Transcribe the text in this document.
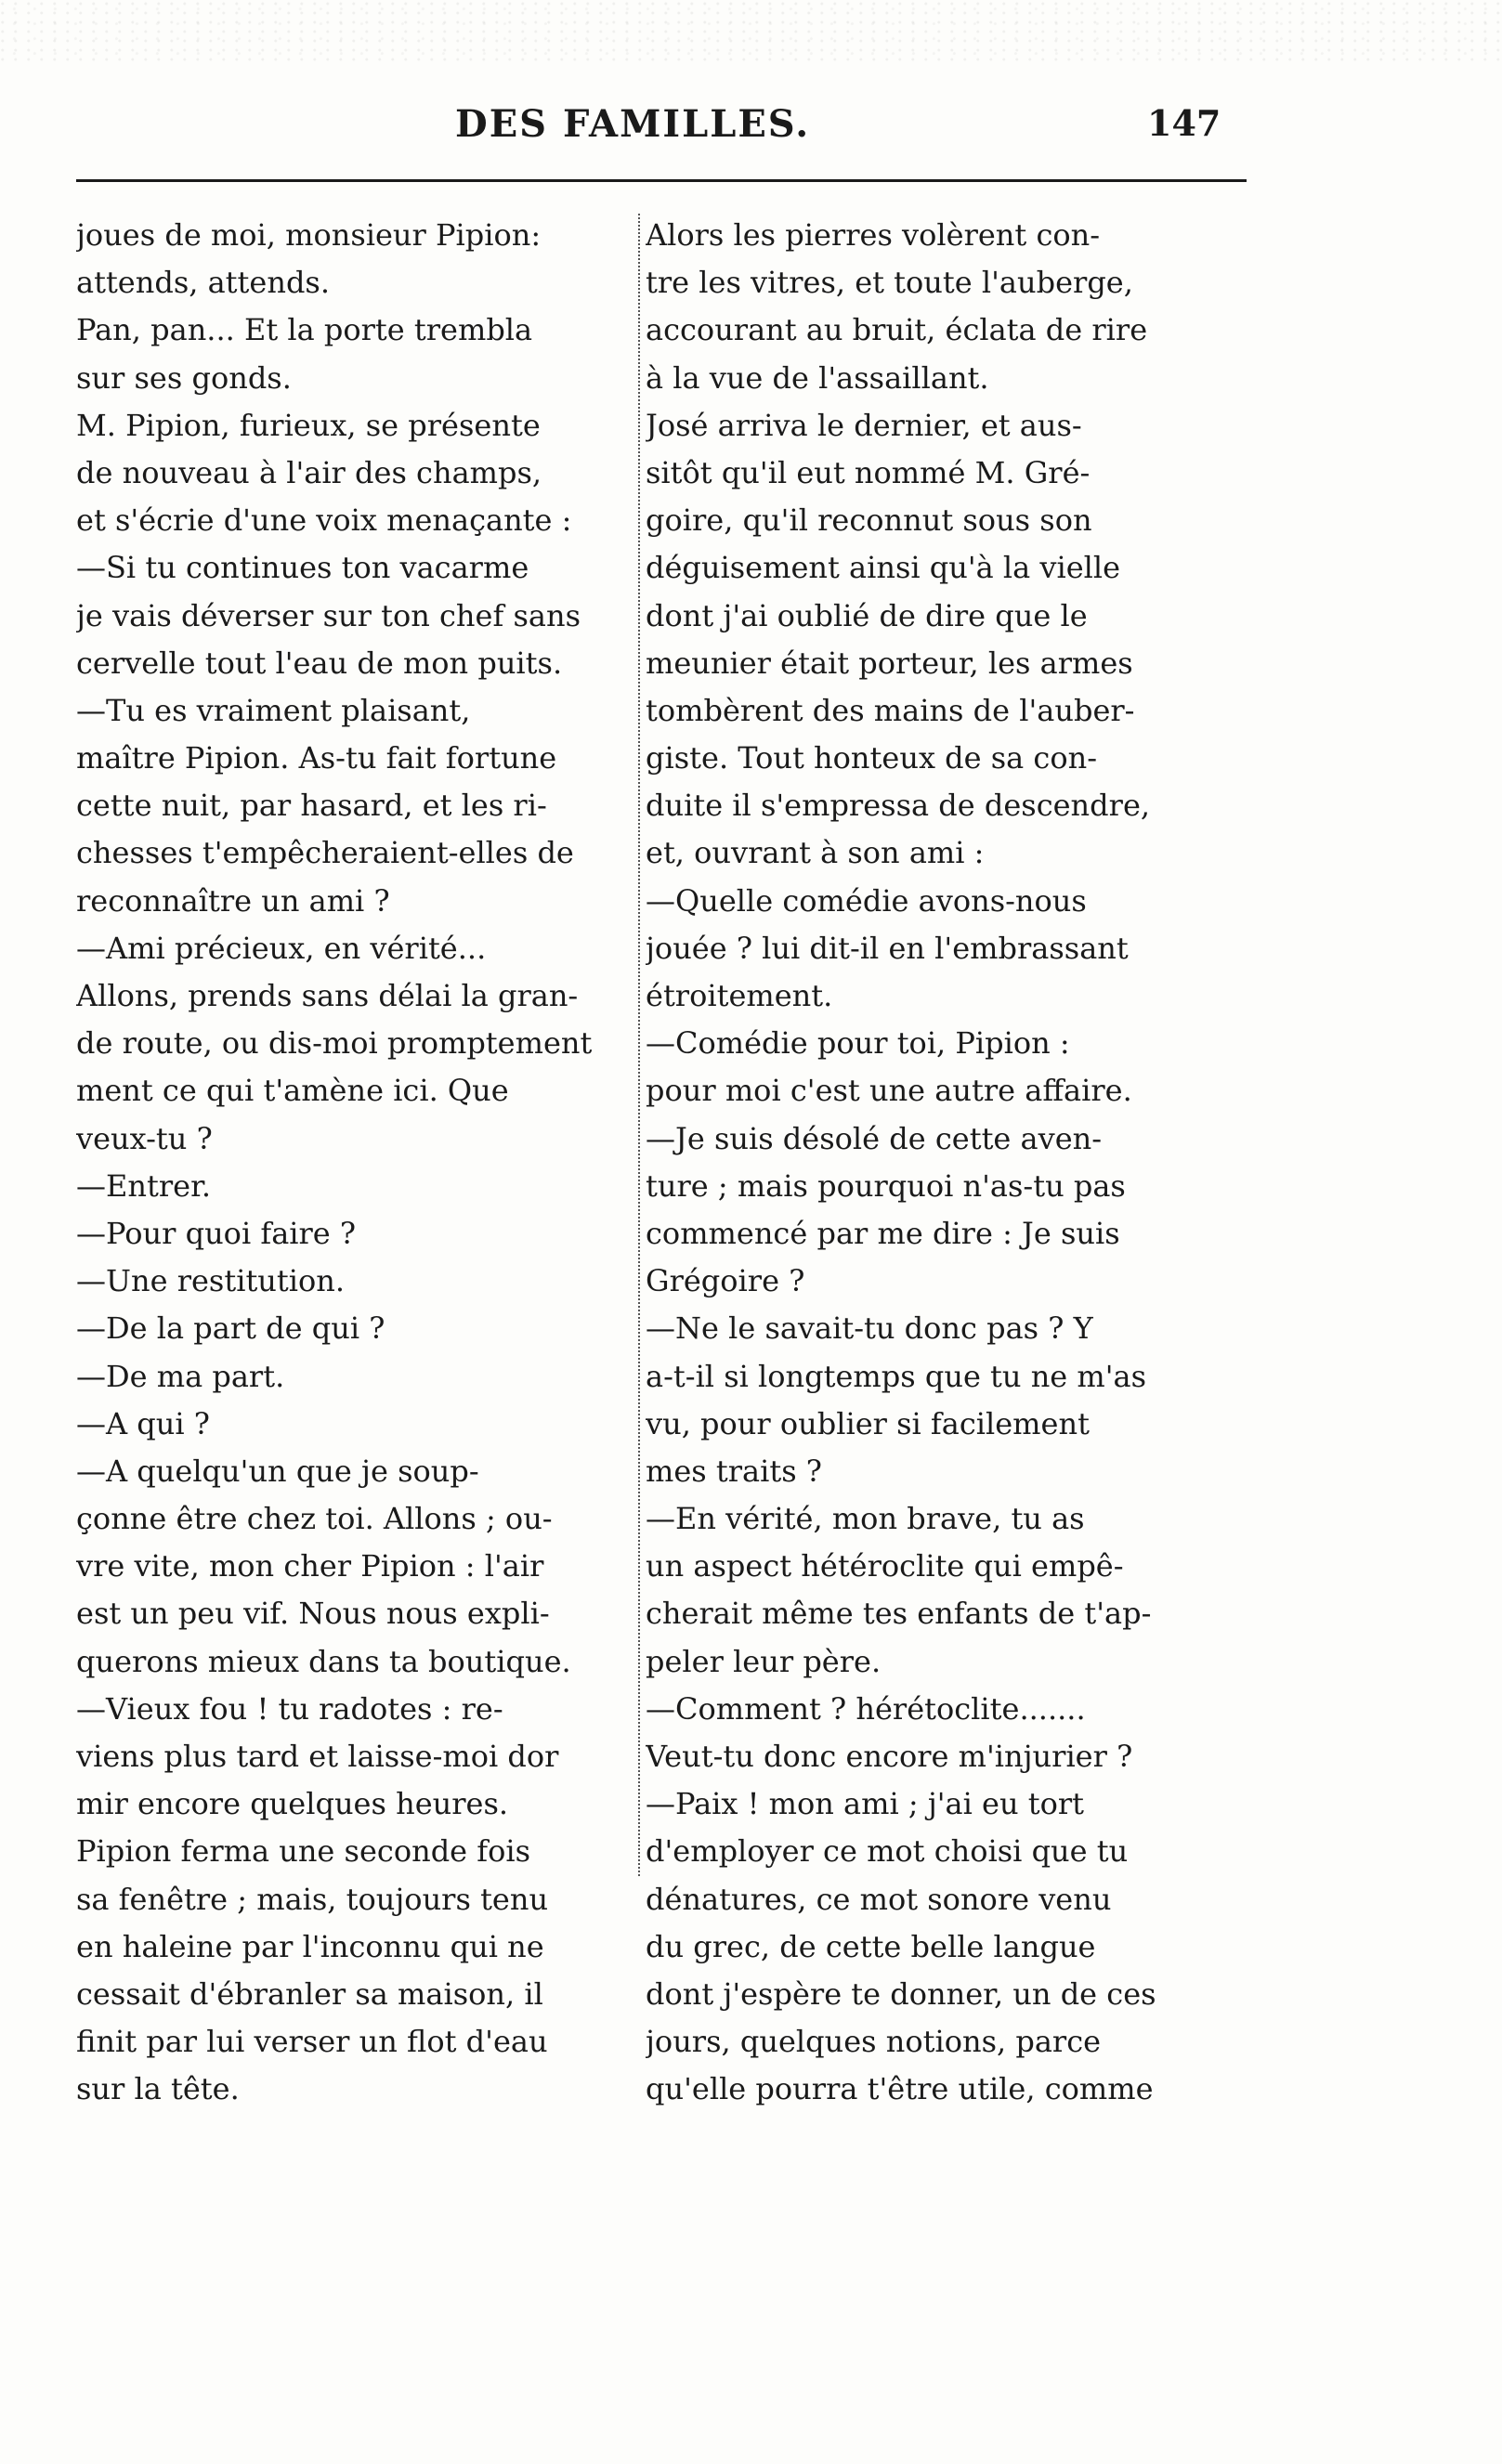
DES FAMILLES.	147
joues de moi, monsieur Pipion:
attends, attends.
Pan, pan... Et la porte trembla
sur ses gonds.
M. Pipion, furieux, se présente
de nouveau à l'air des champs,
et s'écrie d'une voix menaçante :
—Si tu continues ton vacarme
je vais déverser sur ton chef sans
cervelle tout l'eau de mon puits.
—Tu es vraiment plaisant,
maître Pipion. As-tu fait fortune
cette nuit, par hasard, et les ri-
chesses t'empêcheraient-elles de
reconnaître un ami ?
—Ami précieux, en vérité...
Allons, prends sans délai la gran-
de route, ou dis-moi promptement
ment ce qui t'amène ici. Que
veux-tu ?
—Entrer.
—Pour quoi faire ?
—Une restitution.
—De la part de qui ?
—De ma part.
—A qui ?
—A quelqu'un que je soup-
çonne être chez toi. Allons ; ou-
vre vite, mon cher Pipion : l'air
est un peu vif. Nous nous expli-
querons mieux dans ta boutique.
—Vieux fou ! tu radotes : re-
viens plus tard et laisse-moi dor
mir encore quelques heures.
Pipion ferma une seconde fois
sa fenêtre ; mais, toujours tenu
en haleine par l'inconnu qui ne
cessait d'ébranler sa maison, il
finit par lui verser un flot d'eau
sur la tête.
Alors les pierres volèrent con-
tre les vitres, et toute l'auberge,
accourant au bruit, éclata de rire
à la vue de l'assaillant.
José arriva le dernier, et aus-
sitôt qu'il eut nommé M. Gré-
goire, qu'il reconnut sous son
déguisement ainsi qu'à la vielle
dont j'ai oublié de dire que le
meunier était porteur, les armes
tombèrent des mains de l'auber-
giste. Tout honteux de sa con-
duite il s'empressa de descendre,
et, ouvrant à son ami :
—Quelle comédie avons-nous
jouée ? lui dit-il en l'embrassant
étroitement.
—Comédie pour toi, Pipion :
pour moi c'est une autre affaire.
—Je suis désolé de cette aven-
ture ; mais pourquoi n'as-tu pas
commencé par me dire : Je suis
Grégoire ?
—Ne le savait-tu donc pas ? Y
a-t-il si longtemps que tu ne m'as
vu, pour oublier si facilement
mes traits ?
—En vérité, mon brave, tu as
un aspect hétéroclite qui empê-
cherait même tes enfants de t'ap-
peler leur père.
—Comment ? hérétoclite.......
Veut-tu donc encore m'injurier ?
—Paix ! mon ami ; j'ai eu tort
d'employer ce mot choisi que tu
dénatures, ce mot sonore venu
du grec, de cette belle langue
dont j'espère te donner, un de ces
jours, quelques notions, parce
qu'elle pourra t'être utile, comme
